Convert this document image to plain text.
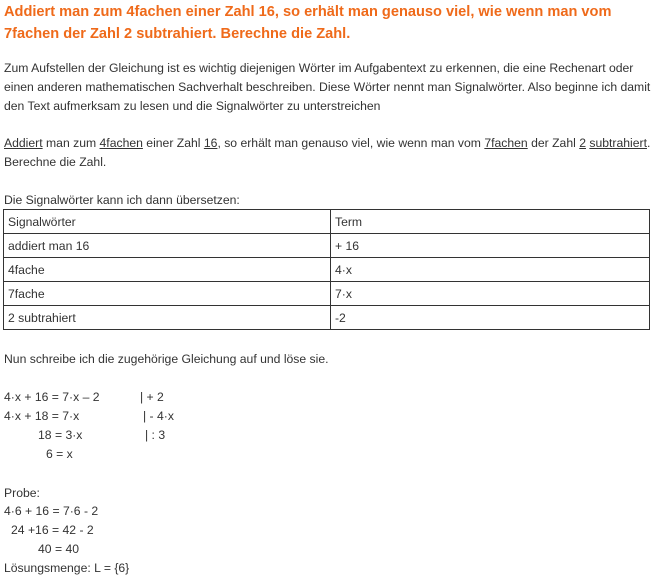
Addiert man zum 4fachen einer Zahl 16, so erhält man genauso viel, wie wenn man vom 7fachen der Zahl 2 subtrahiert. Berechne die Zahl.

Zum Aufstellen der Gleichung ist es wichtig diejenigen Wörter im Aufgabentext zu erkennen, die eine Rechenart oder einen anderen mathematischen Sachverhalt beschreiben. Diese Wörter nennt man Signalwörter. Also beginne ich damit den Text aufmerksam zu lesen und die Signalwörter zu unterstreichen

Addiert man zum 4fachen einer Zahl 16, so erhält man genauso viel, wie wenn man vom 7fachen der Zahl 2 subtrahiert. Berechne die Zahl.

Die Signalwörter kann ich dann übersetzen:

Signalwörter	Term
addiert man 16	+ 16
4fache	4·x
7fache	7·x
2 subtrahiert	-2

Nun schreibe ich die zugehörige Gleichung auf und löse sie.

4·x + 16 = 7·x – 2	| + 2
4·x + 18 = 7·x	| - 4·x
18 = 3·x	| : 3
6 = x
Probe:
4·6 + 16 = 7·6 - 2
24 +16 = 42 - 2
40 = 40
Lösungsmenge: L = {6}
